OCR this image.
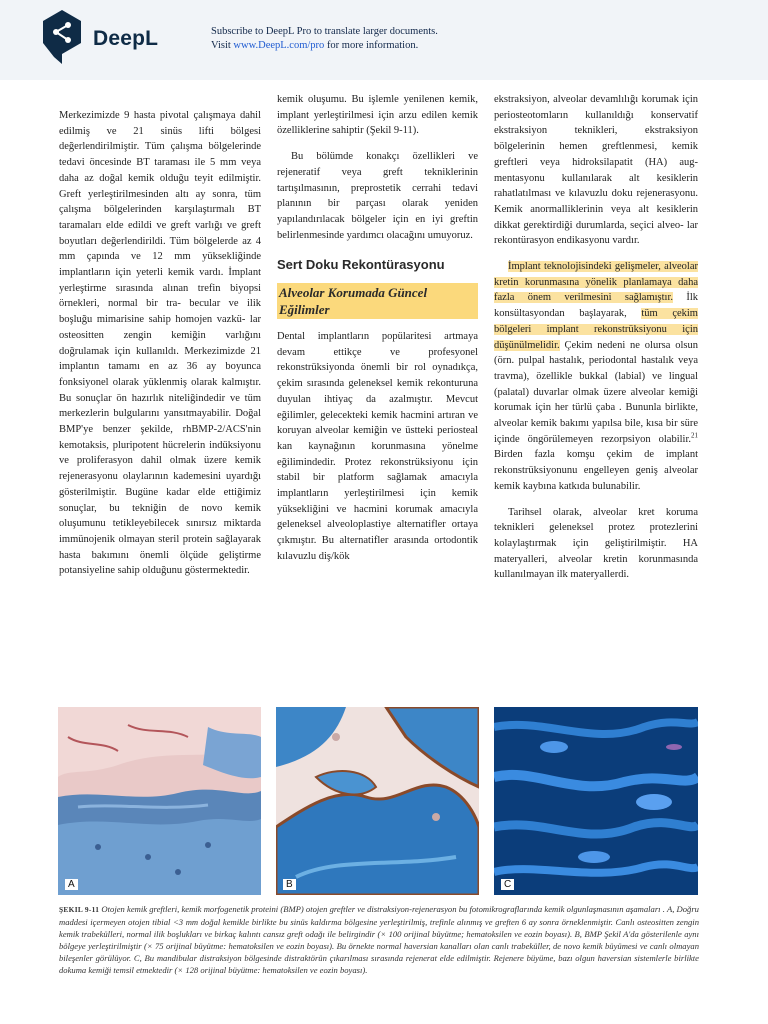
DeepL	Subscribe to DeepL Pro to translate larger documents.
Visit www.DeepL.com/pro for more information.

Merkezimizde 9 hasta pivotal çalışmaya dahil edilmiş ve 21 sinüs lifti bölgesi değerlendirilmiştir. Tüm çalışma bölgelerinde tedavi öncesinde BT taraması ile 5 mm veya daha az doğal kemik olduğu teyit edilmiştir. Greft yerleştirilmesinden altı ay sonra, tüm çalışma bölgelerinden karşılaştırmalı BT taramaları elde edildi ve greft varlığı ve greft boyutları değerlendirildi. Tüm bölgelerde az 4 mm çapında ve 12 mm yüksekliğinde implantların için yeterli kemik vardı. İmplant yerleştirme sırasında alınan trefin biyopsi örnekleri, normal bir tra- becular ve ilik boşluğu mimarisine sahip homojen vazkü- lar osteositten zengin kemiğin varlığını doğrulamak için kullanıldı. Merkezimizde 21 implantın tamamı en az 36 ay boyunca fonksiyonel olarak yüklenmiş olarak kalmıştır. Bu sonuçlar ön hazırlık niteliğindedir ve tüm merkezlerin bulgularını yansıtmayabilir. Doğal BMP'ye benzer şekilde, rhBMP-2/ACS'nin kemotaksis, pluripotent hücrelerin indüksiyonu ve proliferasyon dahil olmak üzere kemik rejenerasyonu olaylarının kademesini uyardığı gösterilmiştir. Bugüne kadar elde ettiğimiz sonuçlar, bu tekniğin de novo kemik oluşumunu tetikleyebilecek sınırsız miktarda immünojenik olmayan steril protein sağlayarak hasta bakımını önemli ölçüde geliştirme potansiyeline sahip olduğunu göstermektedir.

kemik oluşumu. Bu işlemle yenilenen kemik, implant yerleştirilmesi için arzu edilen kemik özelliklerine sahiptir (Şekil 9-11).

Bu bölümde konakçı özellikleri ve rejeneratif veya greft tekniklerinin tartışılmasının, preprostetik cerrahi tedavi planının bir parçası olarak yeniden yapılandırılacak bölgeler için en iyi greftin belirlenmesinde yardımcı olacağını umuyoruz.

Sert Doku Rekontürasyonu
Alveolar Korumada Güncel Eğilimler

Dental implantların popülaritesi artmaya devam ettikçe ve profesyonel rekonstrüksiyonda önemli bir rol oynadıkça, çekim sırasında geleneksel kemik rekonturuna duyulan ihtiyaç da azalmıştır. Mevcut eğilimler, gelecekteki kemik hacmini artıran ve koruyan alveolar kemiğin ve üstteki periosteal kan kaynağının korunmasına yönelme eğilimindedir. Protez rekonstrüksiyonu için stabil bir platform sağlamak amacıyla implantların yerleştirilmesi için kemik yüksekliğini ve hacmini korumak amacıyla geleneksel alveoloplastiye alternatifler ortaya çıkmıştır. Bu alternatifler arasında ortodontik kılavuzlu diş/kök

ekstraksiyon, alveolar devamlılığı korumak için periosteotomların kullanıldığı konservatif ekstraksiyon teknikleri, ekstraksiyon bölgelerinin hemen greftlenmesi, kemik greftleri veya hidroksilapatit (HA) aug- mentasyonu kullanılarak alt kesiklerin rahatlatılması ve kılavuzlu doku rejenerasyonu. Kemik anormalliklerinin veya alt kesiklerin dikkat gerektirdiği durumlarda, seçici alveo- lar rekontürasyon endikasyonu vardır.

İmplant teknolojisindeki gelişmeler, alveolar kretin korunmasına yönelik planlamaya daha fazla önem verilmesini sağlamıştır. İlk konsültasyondan başlayarak, tüm çekim bölgeleri implant rekonstrüksiyonu için düşünülmelidir. Çekim nedeni ne olursa olsun (örn. pulpal hastalık, periodontal hastalık veya travma), özellikle bukkal (labial) ve lingual (palatal) duvarlar olmak üzere alveolar kemiği korumak için her türlü çaba . Bununla birlikte, alveolar kemik bakımı yapılsa bile, kısa bir süre içinde öngörülemeyen rezorpsiyon olabilir.$^{21}$ Birden fazla komşu çekim de implant rekonstrüksiyonunu engelleyen geniş alveolar kemik kaybına katkıda bulunabilir.

Tarihsel olarak, alveolar kret koruma teknikleri geleneksel protez protezlerini kolaylaştırmak için geliştirilmiştir. HA materyalleri, alveolar kretin korunmasında kullanılmayan ilk materyallerdi.

A	B	C
ŞEKIL 9-11 Otojen kemik greftleri, kemik morfogenetik proteini (BMP) otojen greftler ve distraksiyon-rejenerasyon bu fotomikrograflarında kemik olgunlaşmasının aşamaları . A, Doğru maddesi içermeyen otojen tibial <3 mm doğal kemikle birlikte bu sinüs kaldırma bölgesine yerleştirilmiş, trefinle alınmış ve greften 6 ay sonra örneklenmiştir. Canlı osteositten zengin kemik trabekülleri, normal ilik boşlukları ve birkaç kalıntı cansız greft odağı ile belirgindir (× 100 orijinal büyütme; hematoksilen ve eozin boyası). B, BMP Şekil A'da gösterilenle aynı bölgeye yerleştirilmiştir (× 75 orijinal büyütme: hematoksilen ve eozin boyası). Bu örnekte normal haversian kanalları olan canlı trabeküller, de novo kemik büyümesi ve canlı olmayan bileşenler görülüyor. C, Bu mandibular distraksiyon bölgesinde distraktörün çıkarılması sırasında rejenerat elde edilmiştir. Rejenere büyüme, bazı olgun haversian sistemlerle birlikte dokuma kemiği temsil etmektedir (× 128 orijinal büyütme: hematoksilen ve eozin boyası).
